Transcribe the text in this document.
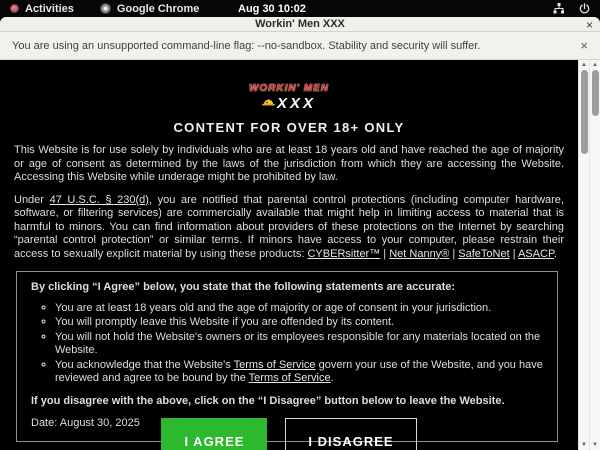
Activities	Google Chrome	Aug 30 10:02
Workin' Men XXX	×
You are using an unsupported command-line flag: --no-sandbox. Stability and security will suffer.	×
WORKIN' MEN
XXX
CONTENT FOR OVER 18+ ONLY

This Website is for use solely by individuals who are at least 18 years old and have reached the age of majority or age of consent as determined by the laws of the jurisdiction from which they are accessing the Website. Accessing this Website while underage might be prohibited by law.

Under 47 U.S.C. § 230(d), you are notified that parental control protections (including computer hardware, software, or filtering services) are commercially available that might help in limiting access to material that is harmful to minors. You can find information about providers of these protections on the Internet by searching “parental control protection” or similar terms. If minors have access to your computer, please restrain their access to sexually explicit material by using these products: CYBERsitter™ | Net Nanny® | SafeToNet | ASACP.

By clicking “I Agree” below, you state that the following statements are accurate:
◦ You are at least 18 years old and the age of majority or age of consent in your jurisdiction.
◦ You will promptly leave this Website if you are offended by its content.
◦ You will not hold the Website's owners or its employees responsible for any materials located on the Website.
◦ You acknowledge that the Website's Terms of Service govern your use of the Website, and you have reviewed and agree to be bound by the Terms of Service.
If you disagree with the above, click on the “I Disagree” button below to leave the Website.
Date: August 30, 2025
I AGREE	I DISAGREE
▲
▼
▲
▼
